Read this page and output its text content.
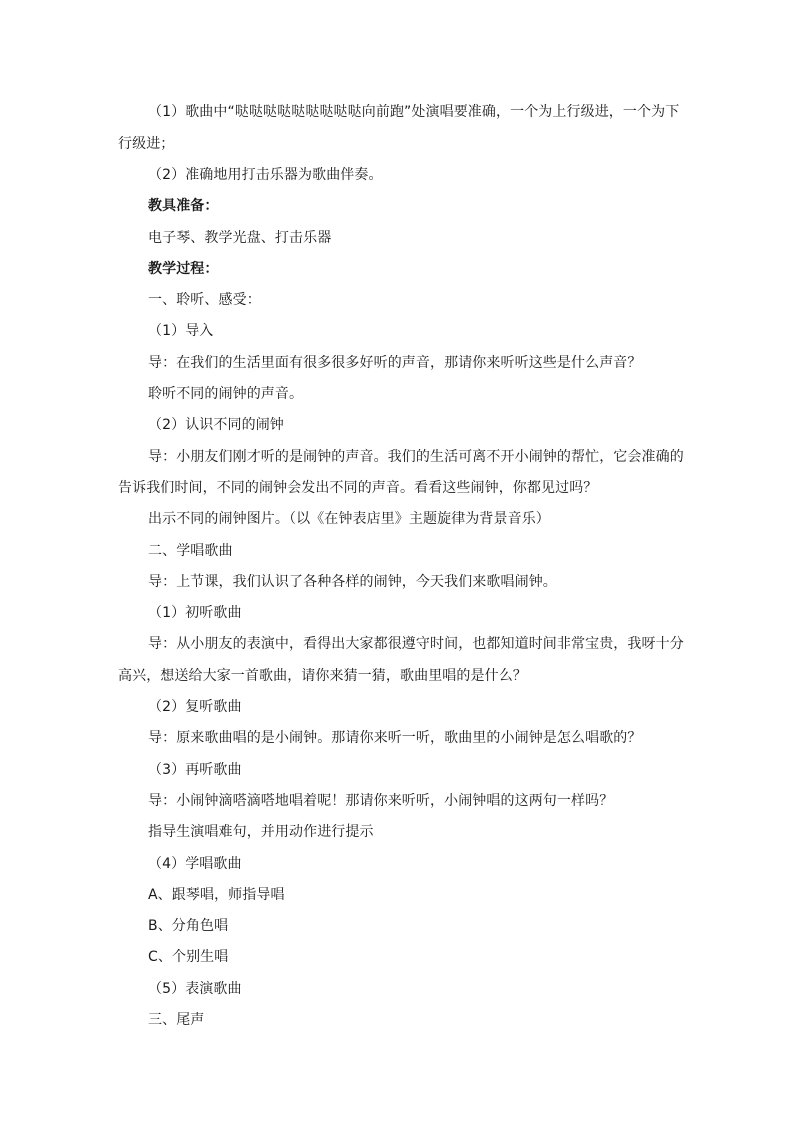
（1）歌曲中“哒哒哒哒哒哒哒哒哒向前跑”处演唱要准确，一个为上行级进，一个为下

行级进；

（2）准确地用打击乐器为歌曲伴奏。

教具准备：

电子琴、教学光盘、打击乐器

教学过程：

一、聆听、感受：

（1）导入

导：在我们的生活里面有很多很多好听的声音，那请你来听听这些是什么声音？

聆听不同的闹钟的声音。

（2）认识不同的闹钟

导：小朋友们刚才听的是闹钟的声音。我们的生活可离不开小闹钟的帮忙，它会准确的

告诉我们时间，不同的闹钟会发出不同的声音。看看这些闹钟，你都见过吗？

出示不同的闹钟图片。（以《在钟表店里》主题旋律为背景音乐）

二、学唱歌曲

导：上节课，我们认识了各种各样的闹钟，今天我们来歌唱闹钟。

（1）初听歌曲

导：从小朋友的表演中，看得出大家都很遵守时间，也都知道时间非常宝贵，我呀十分

高兴，想送给大家一首歌曲，请你来猜一猜，歌曲里唱的是什么？

（2）复听歌曲

导：原来歌曲唱的是小闹钟。那请你来听一听，歌曲里的小闹钟是怎么唱歌的？

（3）再听歌曲

导：小闹钟滴嗒滴嗒地唱着呢！那请你来听听，小闹钟唱的这两句一样吗？

指导生演唱难句，并用动作进行提示

（4）学唱歌曲

A、跟琴唱，师指导唱

B、分角色唱

C、个别生唱

（5）表演歌曲

三、尾声
